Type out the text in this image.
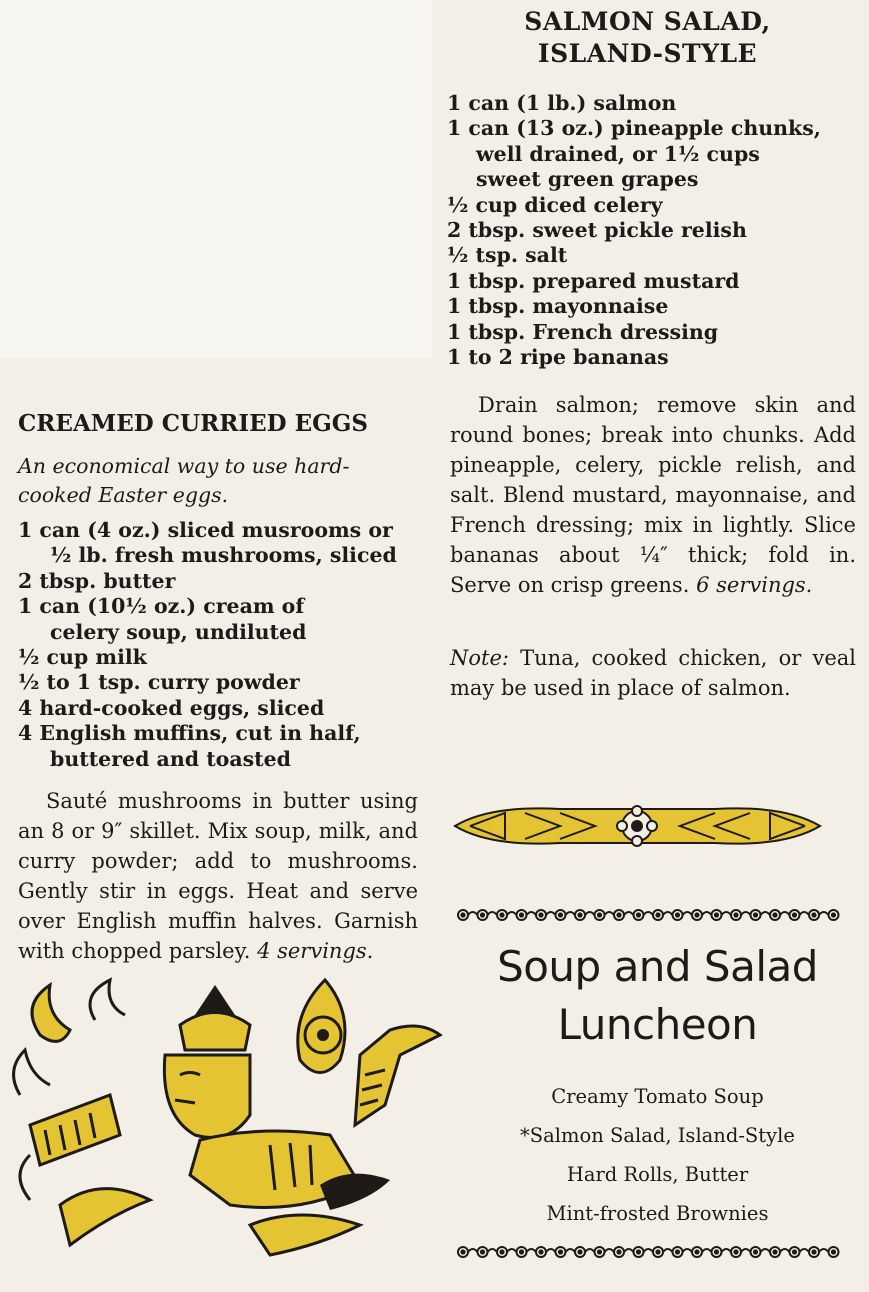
SALMON SALAD,
ISLAND-STYLE
1 can (1 lb.) salmon
1 can (13 oz.) pineapple chunks,
well drained, or 1½ cups
sweet green grapes
½ cup diced celery
2 tbsp. sweet pickle relish
½ tsp. salt
1 tbsp. prepared mustard
1 tbsp. mayonnaise
1 tbsp. French dressing
1 to 2 ripe bananas

Drain salmon; remove skin and round bones; break into chunks. Add pineapple, celery, pickle relish, and salt. Blend mustard, mayonnaise, and French dressing; mix in lightly. Slice bananas about ¼″ thick; fold in. Serve on crisp greens. 6 servings.

Note: Tuna, cooked chicken, or veal may be used in place of salmon.

CREAMED CURRIED EGGS

An economical way to use hard-cooked Easter eggs.

1 can (4 oz.) sliced musrooms or
½ lb. fresh mushrooms, sliced
2 tbsp. butter
1 can (10½ oz.) cream of
celery soup, undiluted
½ cup milk
½ to 1 tsp. curry powder
4 hard-cooked eggs, sliced
4 English muffins, cut in half,
buttered and toasted

Sauté mushrooms in butter using an 8 or 9″ skillet. Mix soup, milk, and curry powder; add to mushrooms. Gently stir in eggs. Heat and serve over English muffin halves. Garnish with chopped parsley. 4 servings.	Soup and Salad
Luncheon
Creamy Tomato Soup
*Salmon Salad, Island-Style
Hard Rolls, Butter
Mint-frosted Brownies
